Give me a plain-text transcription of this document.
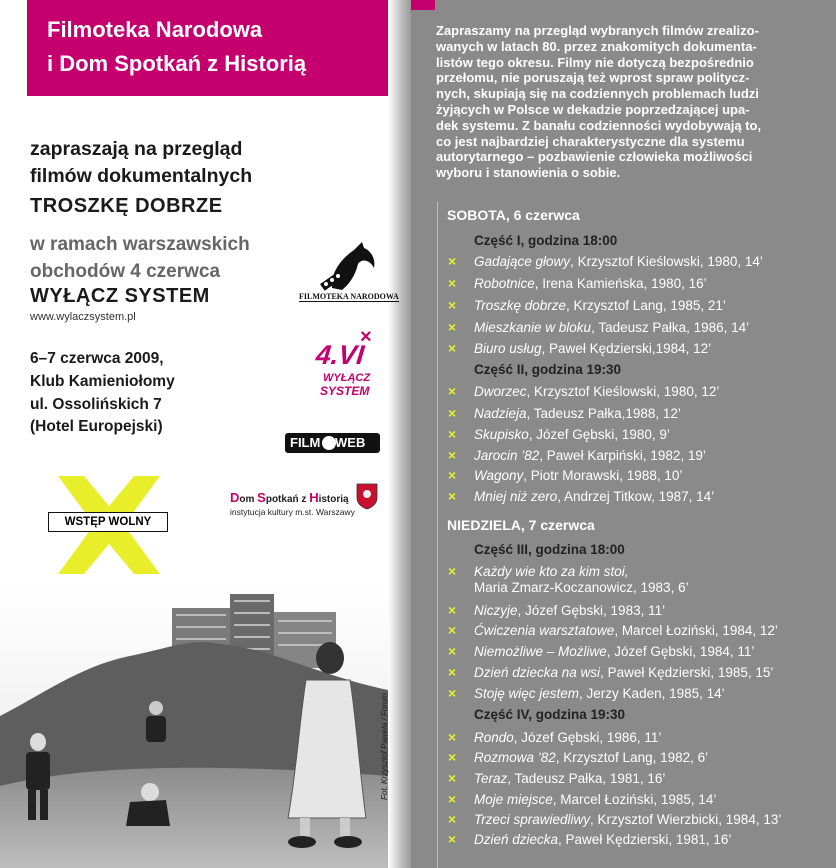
Filmoteka Narodowa
i Dom Spotkań z Historią
zapraszają na przegląd
filmów dokumentalnych
TROSZKĘ DOBRZE
w ramach warszawskich
obchodów 4 czerwca
WYŁĄCZ SYSTEM
www.wylaczsystem.pl
6–7 czerwca 2009,
Klub Kamieniołomy
ul. Ossolińskich 7
(Hotel Europejski)
FILMOTEKA NARODOWA
4.VI
×
WYŁĄCZ
SYSTEM
FILM WEB
Dom Spotkań z Historią
instytucja kultury m.st. Warszawy
WSTĘP WOLNY
Fot. Krzysztof Pawela / Forum
Zapraszamy na przegląd wybranych filmów zrealizo-
wanych w latach 80. przez znakomitych dokumenta-
listów tego okresu. Filmy nie dotyczą bezpośrednio
przełomu, nie poruszają też wprost spraw politycz-
nych, skupiają się na codziennych problemach ludzi
żyjących w Polsce w dekadzie poprzedzającej upa-
dek systemu. Z banału codzienności wydobywają to,
co jest najbardziej charakterystyczne dla systemu
autorytarnego – pozbawienie człowieka możliwości
wyboru i stanowienia o sobie.
SOBOTA, 6 czerwca
Część I, godzina 18:00
× Gadające głowy, Krzysztof Kieślowski, 1980, 14’
× Robotnice, Irena Kamieńska, 1980, 16’
× Troszkę dobrze, Krzysztof Lang, 1985, 21’
× Mieszkanie w bloku, Tadeusz Pałka, 1986, 14’
× Biuro usług, Paweł Kędzierski,1984, 12’
Część II, godzina 19:30
× Dworzec, Krzysztof Kieślowski, 1980, 12’
× Nadzieja, Tadeusz Pałka,1988, 12’
× Skupisko, Józef Gębski, 1980, 9’
× Jarocin ’82, Paweł Karpiński, 1982, 19’
× Wagony, Piotr Morawski, 1988, 10’
× Mniej niż zero, Andrzej Titkow, 1987, 14’
NIEDZIELA, 7 czerwca
Część III, godzina 18:00
× Każdy wie kto za kim stoi,
Maria Zmarz-Koczanowicz, 1983, 6’
× Niczyje, Józef Gębski, 1983, 11’
× Ćwiczenia warsztatowe, Marcel Łoziński, 1984, 12’
× Niemożliwe – Możliwe, Józef Gębski, 1984, 11’
× Dzień dziecka na wsi, Paweł Kędzierski, 1985, 15’
× Stoję więc jestem, Jerzy Kaden, 1985, 14’
Część IV, godzina 19:30
× Rondo, Józef Gębski, 1986, 11’
× Rozmowa ’82, Krzysztof Lang, 1982, 6’
× Teraz, Tadeusz Pałka, 1981, 16’
× Moje miejsce, Marcel Łoziński, 1985, 14’
× Trzeci sprawiedliwy, Krzysztof Wierzbicki, 1984, 13’
× Dzień dziecka, Paweł Kędzierski, 1981, 16’
